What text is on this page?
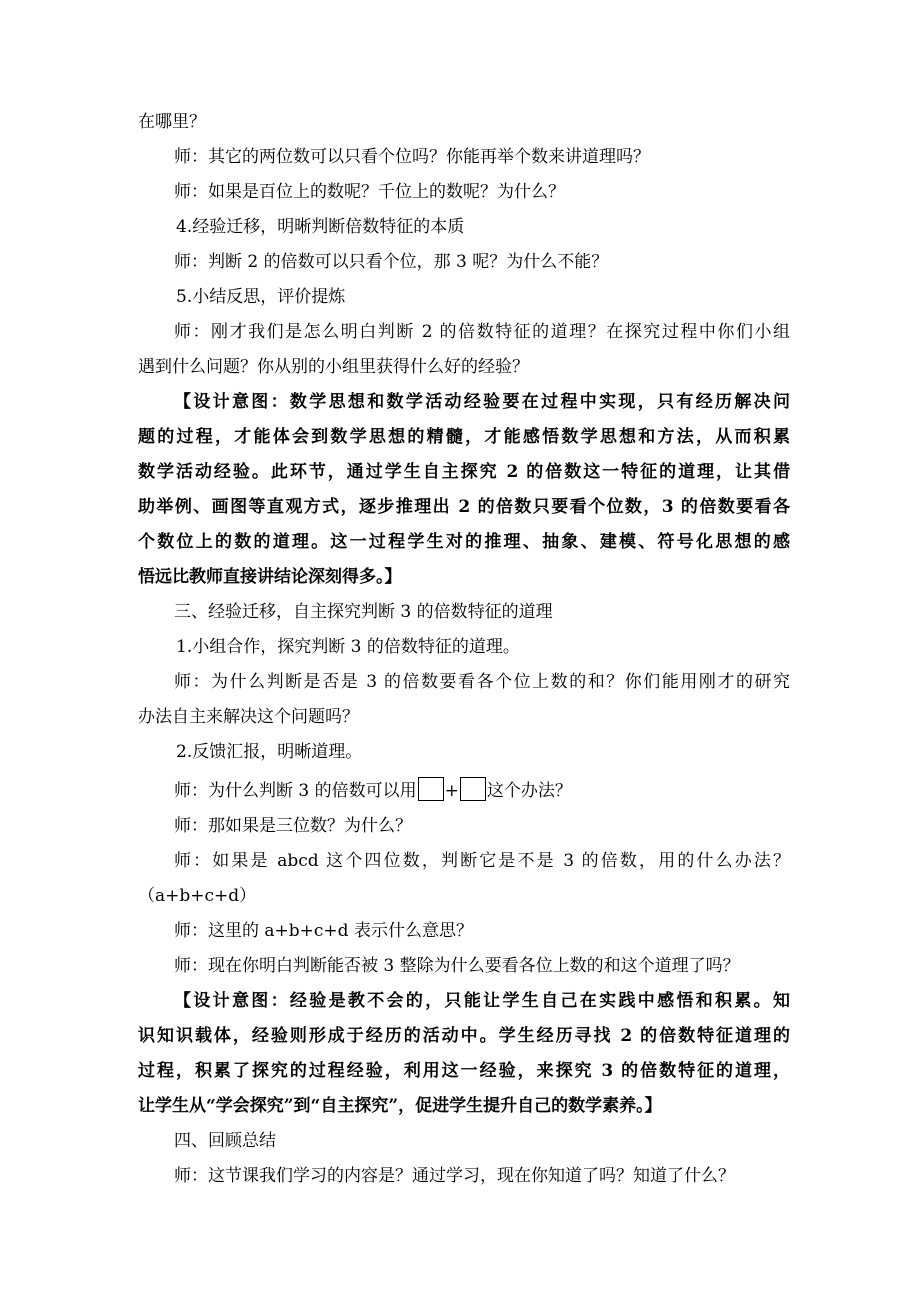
在哪里？
师：其它的两位数可以只看个位吗？你能再举个数来讲道理吗？
师：如果是百位上的数呢？千位上的数呢？为什么？
4.经验迁移，明晰判断倍数特征的本质
师：判断 2 的倍数可以只看个位，那 3 呢？为什么不能？
5.小结反思，评价提炼
师：刚才我们是怎么明白判断 2 的倍数特征的道理？在探究过程中你们小组
遇到什么问题？你从别的小组里获得什么好的经验？
【设计意图：数学思想和数学活动经验要在过程中实现，只有经历解决问
题的过程，才能体会到数学思想的精髓，才能感悟数学思想和方法，从而积累
数学活动经验。此环节，通过学生自主探究 2 的倍数这一特征的道理，让其借
助举例、画图等直观方式，逐步推理出 2 的倍数只要看个位数，3 的倍数要看各
个数位上的数的道理。这一过程学生对的推理、抽象、建模、符号化思想的感
悟远比教师直接讲结论深刻得多。】
三、经验迁移，自主探究判断 3 的倍数特征的道理
1.小组合作，探究判断 3 的倍数特征的道理。
师：为什么判断是否是 3 的倍数要看各个位上数的和？你们能用刚才的研究
办法自主来解决这个问题吗？
2.反馈汇报，明晰道理。
师：为什么判断 3 的倍数可以用 + 这个办法？
师：那如果是三位数？为什么？
师：如果是 abcd 这个四位数，判断它是不是 3 的倍数，用的什么办法？
（a+b+c+d）
师：这里的 a+b+c+d 表示什么意思？
师：现在你明白判断能否被 3 整除为什么要看各位上数的和这个道理了吗？
【设计意图：经验是教不会的，只能让学生自己在实践中感悟和积累。知
识知识载体，经验则形成于经历的活动中。学生经历寻找 2 的倍数特征道理的
过程，积累了探究的过程经验，利用这一经验，来探究 3 的倍数特征的道理，
让学生从“学会探究”到“自主探究”，促进学生提升自己的数学素养。】
四、回顾总结
师：这节课我们学习的内容是？通过学习，现在你知道了吗？知道了什么？
